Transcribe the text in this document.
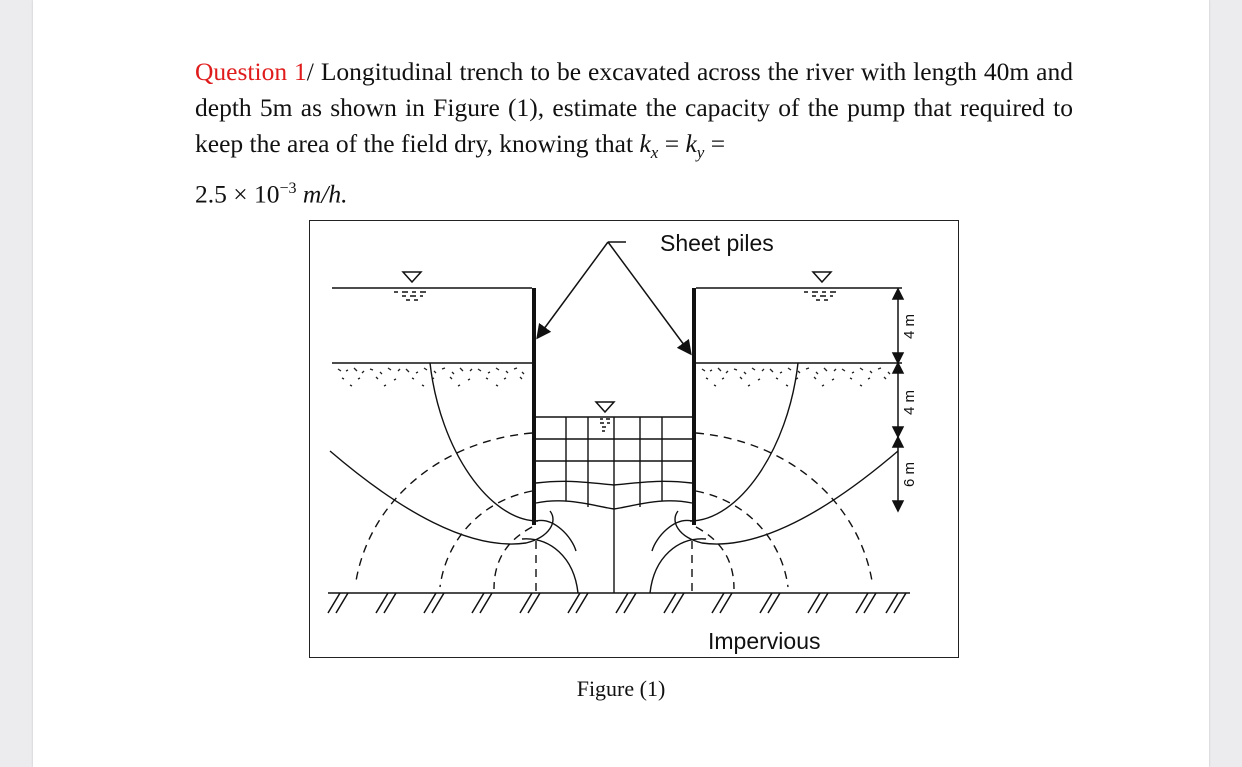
Question 1/ Longitudinal trench to be excavated across the river with length 40m and depth 5m as shown in Figure (1), estimate the capacity of the pump that required to keep the area of the field dry, knowing that $k_x = k_y$ =
$2.5 \times 10^{-3}$ m/h.

Sheet piles
Impervious
4 m
4 m
6 m
Figure (1)
